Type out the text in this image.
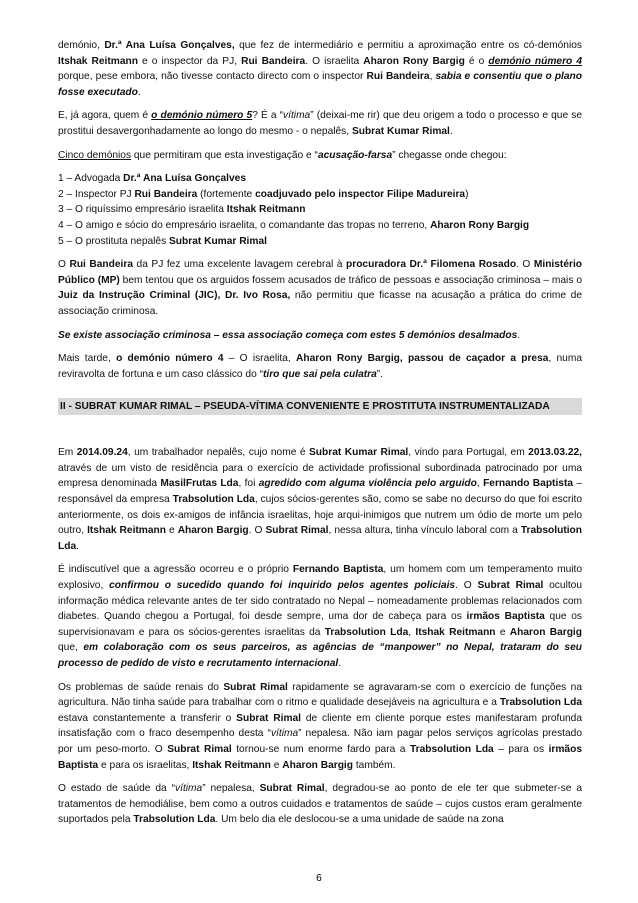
demónio, Dr.ª Ana Luísa Gonçalves, que fez de intermediário e permitiu a aproximação entre os có-demónios Itshak Reitmann e o inspector da PJ, Rui Bandeira. O israelita Aharon Rony Bargig é o demónio número 4 porque, pese embora, não tivesse contacto directo com o inspector Rui Bandeira, sabia e consentiu que o plano fosse executado.

E, já agora, quem é o demónio número 5? É a “vítima” (deixai-me rir) que deu origem a todo o processo e que se prostitui desavergonhadamente ao longo do mesmo - o nepalês, Subrat Kumar Rimal.

Cinco demónios que permitiram que esta investigação e “acusação-farsa” chegasse onde chegou:

1 – Advogada Dr.ª Ana Luísa Gonçalves

2 – Inspector PJ Rui Bandeira (fortemente coadjuvado pelo inspector Filipe Madureira)

3 – O riquíssimo empresário israelita Itshak Reitmann

4 – O amigo e sócio do empresário israelita, o comandante das tropas no terreno, Aharon Rony Bargig

5 – O prostituta nepalês Subrat Kumar Rimal

O Rui Bandeira da PJ fez uma excelente lavagem cerebral à procuradora Dr.ª Filomena Rosado. O Ministério Público (MP) bem tentou que os arguidos fossem acusados de tráfico de pessoas e associação criminosa – mais o Juiz da Instrução Criminal (JIC), Dr. Ivo Rosa, não permitiu que ficasse na acusação a prática do crime de associação criminosa.

Se existe associação criminosa – essa associação começa com estes 5 demónios desalmados.

Mais tarde, o demónio número 4 – O israelita, Aharon Rony Bargig, passou de caçador a presa, numa reviravolta de fortuna e um caso clássico do “tiro que sai pela culatra”.

II - SUBRAT KUMAR RIMAL – PSEUDA-VÍTIMA CONVENIENTE E PROSTITUTA INSTRUMENTALIZADA

Em 2014.09.24, um trabalhador nepalês, cujo nome é Subrat Kumar Rimal, vindo para Portugal, em 2013.03.22, através de um visto de residência para o exercício de actividade profissional subordinada patrocinado por uma empresa denominada MasilFrutas Lda, foi agredido com alguma violência pelo arguido, Fernando Baptista – responsável da empresa Trabsolution Lda, cujos sócios-gerentes são, como se sabe no decurso do que foi escrito anteriormente, os dois ex-amigos de infância israelitas, hoje arqui-inimigos que nutrem um ódio de morte um pelo outro, Itshak Reitmann e Aharon Bargig. O Subrat Rimal, nessa altura, tinha vínculo laboral com a Trabsolution Lda.

É indiscutível que a agressão ocorreu e o próprio Fernando Baptista, um homem com um temperamento muito explosivo, confirmou o sucedido quando foi inquirido pelos agentes policiais. O Subrat Rimal ocultou informação médica relevante antes de ter sido contratado no Nepal – nomeadamente problemas relacionados com diabetes. Quando chegou a Portugal, foi desde sempre, uma dor de cabeça para os irmãos Baptista que os supervisionavam e para os sócios-gerentes israelitas da Trabsolution Lda, Itshak Reitmann e Aharon Bargig que, em colaboração com os seus parceiros, as agências de “manpower” no Nepal, trataram do seu processo de pedido de visto e recrutamento internacional.

Os problemas de saúde renais do Subrat Rimal rapidamente se agravaram-se com o exercício de funções na agricultura. Não tinha saúde para trabalhar com o ritmo e qualidade desejáveis na agricultura e a Trabsolution Lda estava constantemente a transferir o Subrat Rimal de cliente em cliente porque estes manifestaram profunda insatisfação com o fraco desempenho desta “vítima” nepalesa. Não iam pagar pelos serviços agrícolas prestado por um peso-morto. O Subrat Rimal tornou-se num enorme fardo para a Trabsolution Lda – para os irmãos Baptista e para os israelitas, Itshak Reitmann e Aharon Bargig também.

O estado de saúde da “vítima” nepalesa, Subrat Rimal, degradou-se ao ponto de ele ter que submeter-se a tratamentos de hemodiálise, bem como a outros cuidados e tratamentos de saúde – cujos custos eram geralmente suportados pela Trabsolution Lda. Um belo dia ele deslocou-se a uma unidade de saúde na zona

6
